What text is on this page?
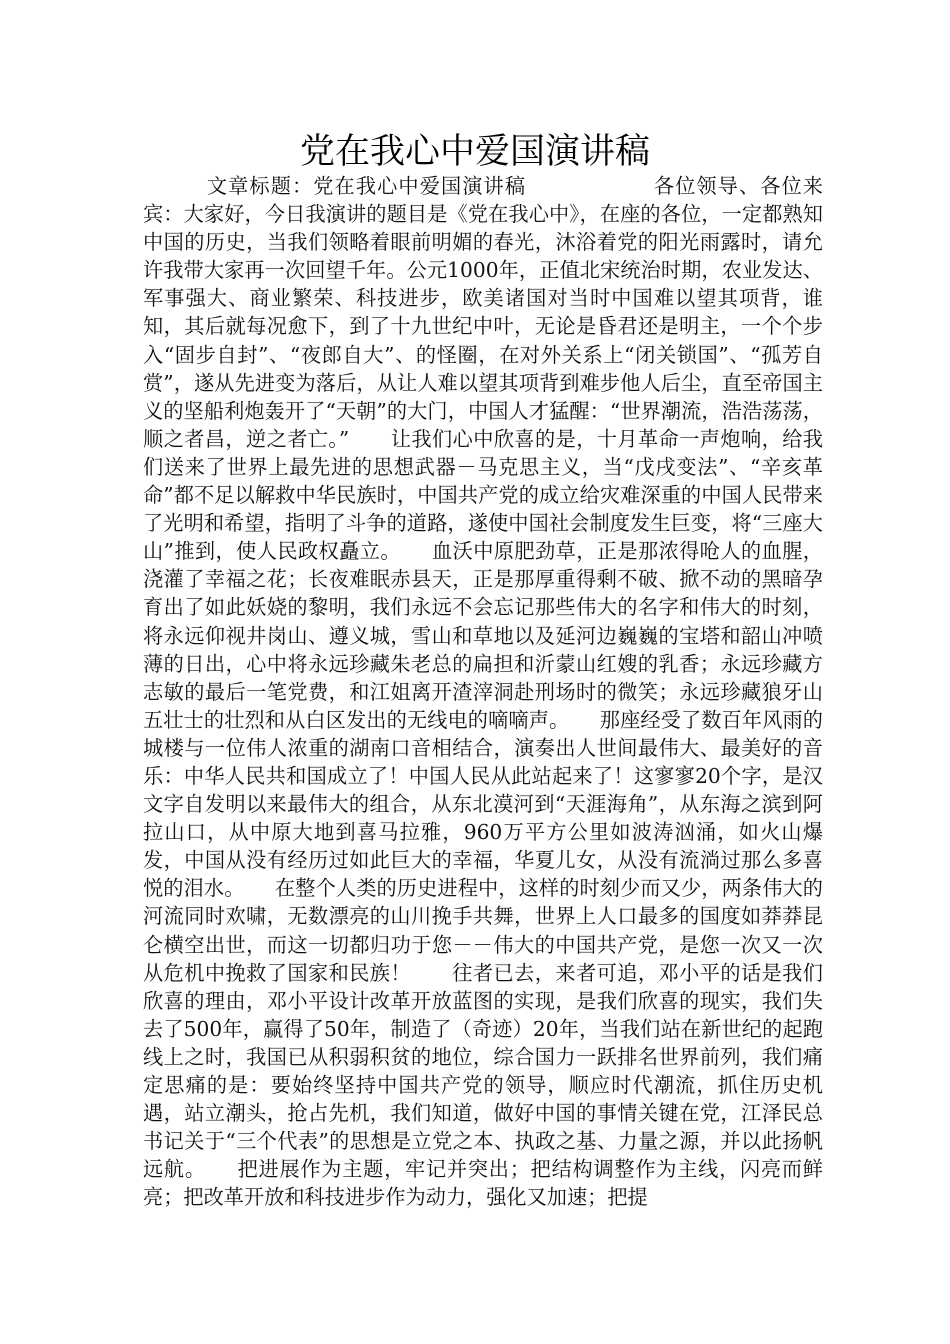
党在我心中爱国演讲稿

　　　文章标题：党在我心中爱国演讲稿　　　　　　各位领导、各位来宾：大家好，今日我演讲的题目是《党在我心中》，在座的各位，一定都熟知中国的历史，当我们领略着眼前明媚的春光，沐浴着党的阳光雨露时，请允许我带大家再一次回望千年。公元1000年，正值北宋统治时期，农业发达、军事强大、商业繁荣、科技进步，欧美诸国对当时中国难以望其项背，谁知，其后就每况愈下，到了十九世纪中叶，无论是昏君还是明主，一个个步入“固步自封”、“夜郎自大”、的怪圈，在对外关系上“闭关锁国”、“孤芳自赏”，遂从先进变为落后，从让人难以望其项背到难步他人后尘，直至帝国主义的坚船利炮轰开了“天朝”的大门，中国人才猛醒：“世界潮流，浩浩荡荡，顺之者昌，逆之者亡。”　　让我们心中欣喜的是，十月革命一声炮响，给我们送来了世界上最先进的思想武器－马克思主义，当“戊戌变法”、“辛亥革命”都不足以解救中华民族时，中国共产党的成立给灾难深重的中国人民带来了光明和希望，指明了斗争的道路，遂使中国社会制度发生巨变，将“三座大山”推到，使人民政权矗立。　　血沃中原肥劲草，正是那浓得呛人的血腥，浇灌了幸福之花；长夜难眠赤县天，正是那厚重得剩不破、掀不动的黑暗孕育出了如此妖娆的黎明，我们永远不会忘记那些伟大的名字和伟大的时刻，将永远仰视井岗山、遵义城，雪山和草地以及延河边巍巍的宝塔和韶山冲喷薄的日出，心中将永远珍藏朱老总的扁担和沂蒙山红嫂的乳香；永远珍藏方志敏的最后一笔党费，和江姐离开渣滓洞赴刑场时的微笑；永远珍藏狼牙山五壮士的壮烈和从白区发出的无线电的嘀嘀声。　　那座经受了数百年风雨的城楼与一位伟人浓重的湖南口音相结合，演奏出人世间最伟大、最美好的音乐：中华人民共和国成立了！中国人民从此站起来了！这寥寥20个字，是汉文字自发明以来最伟大的组合，从东北漠河到“天涯海角”，从东海之滨到阿拉山口，从中原大地到喜马拉雅，960万平方公里如波涛汹涌，如火山爆发，中国从没有经历过如此巨大的幸福，华夏儿女，从没有流淌过那么多喜悦的泪水。　　在整个人类的历史进程中，这样的时刻少而又少，两条伟大的河流同时欢啸，无数漂亮的山川挽手共舞，世界上人口最多的国度如莽莽昆仑横空出世，而这一切都归功于您－－伟大的中国共产党，是您一次又一次从危机中挽救了国家和民族！　　往者已去，来者可追，邓小平的话是我们欣喜的理由，邓小平设计改革开放蓝图的实现，是我们欣喜的现实，我们失去了500年，赢得了50年，制造了（奇迹）20年，当我们站在新世纪的起跑线上之时，我国已从积弱积贫的地位，综合国力一跃排名世界前列，我们痛定思痛的是：要始终坚持中国共产党的领导，顺应时代潮流，抓住历史机遇，站立潮头，抢占先机，我们知道，做好中国的事情关键在党，江泽民总书记关于“三个代表”的思想是立党之本、执政之基、力量之源，并以此扬帆远航。　　把进展作为主题，牢记并突出；把结构调整作为主线，闪亮而鲜亮；把改革开放和科技进步作为动力，强化又加速；把提
